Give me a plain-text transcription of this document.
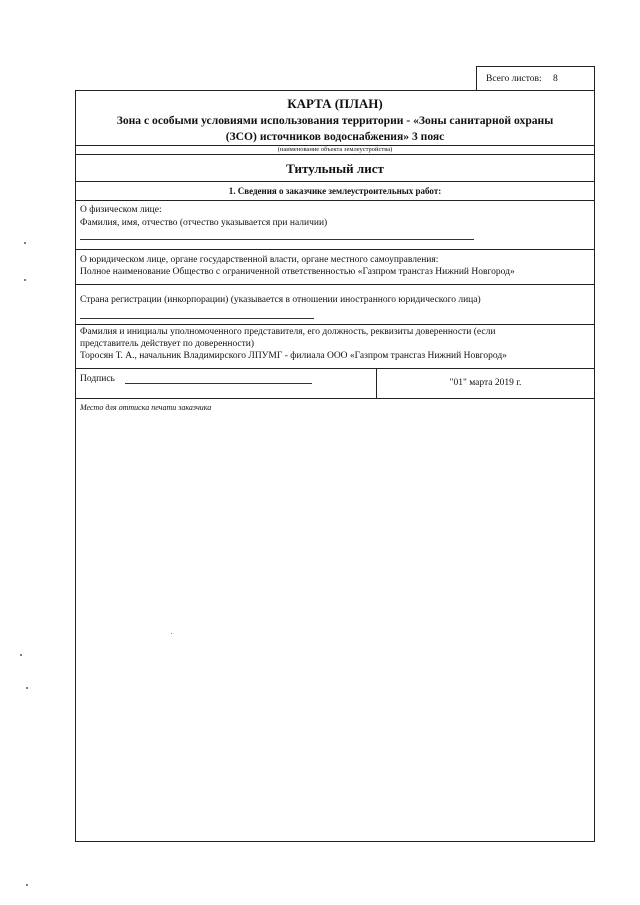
Всего листов: 8
КАРТА (ПЛАН)
Зона с особыми условиями использования территории - «Зоны санитарной охраны
(ЗСО) источников водоснабжения» 3 пояс
(наименование объекта землеустройства)
Титульный лист
1. Сведения о заказчике землеустроительных работ:
О физическом лице:
Фамилия, имя, отчество (отчество указывается при наличии)
О юридическом лице, органе государственной власти, органе местного самоуправления:
Полное наименование Общество с ограниченной ответственностью «Газпром трансгаз Нижний Новгород»
Страна регистрации (инкорпорации) (указывается в отношении иностранного юридического лица)
Фамилия и инициалы уполномоченного представителя, его должность, реквизиты доверенности (если
представитель действует по доверенности)
Торосян Т. А., начальник Владимирского ЛПУМГ - филиала ООО «Газпром трансгаз Нижний Новгород»
Подпись	"01" марта 2019 г.
Место для оттиска печати заказчика
